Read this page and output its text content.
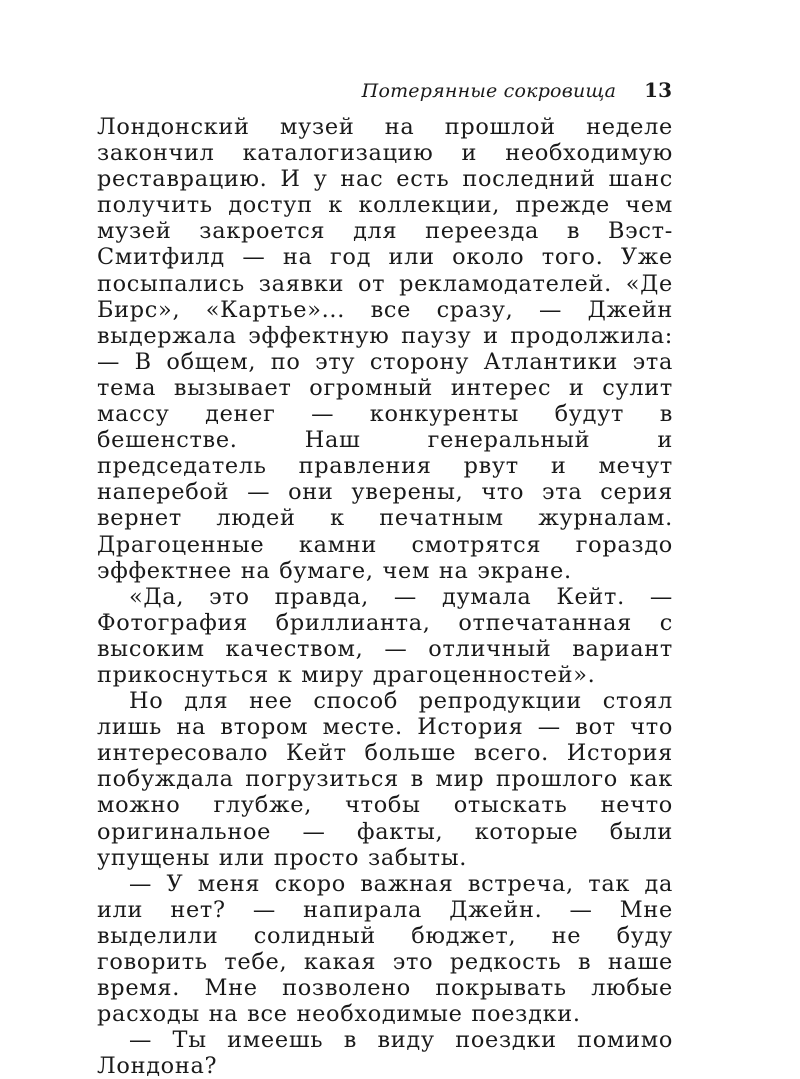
Потерянные сокровища 13

Лондонский музей на прошлой неделе закончил каталогизацию и необходимую реставрацию. И у нас есть последний шанс получить доступ к коллекции, прежде чем музей закроется для переезда в Вэст-Смитфилд — на год или около того. Уже посыпались заявки от рекламодателей. «Де Бирс», «Картье»... все сразу, — Джейн выдержала эффектную паузу и продолжила: — В общем, по эту сторону Атлантики эта тема вызывает огромный интерес и сулит массу денег — конкуренты будут в бешенстве. Наш генеральный и председатель правления рвут и мечут наперебой — они уверены, что эта серия вернет людей к печатным журналам. Драгоценные камни смотрятся гораздо эффектнее на бумаге, чем на экране.

«Да, это правда, — думала Кейт. — Фотография бриллианта, отпечатанная с высоким качеством, — отличный вариант прикоснуться к миру драгоценностей».

Но для нее способ репродукции стоял лишь на втором месте. История — вот что интересовало Кейт больше всего. История побуждала погрузиться в мир прошлого как можно глубже, чтобы отыскать нечто оригинальное — факты, которые были упущены или просто забыты.

— У меня скоро важная встреча, так да или нет? — напирала Джейн. — Мне выделили солидный бюджет, не буду говорить тебе, какая это редкость в наше время. Мне позволено покрывать любые расходы на все необходимые поездки.

— Ты имеешь в виду поездки помимо Лондона?
